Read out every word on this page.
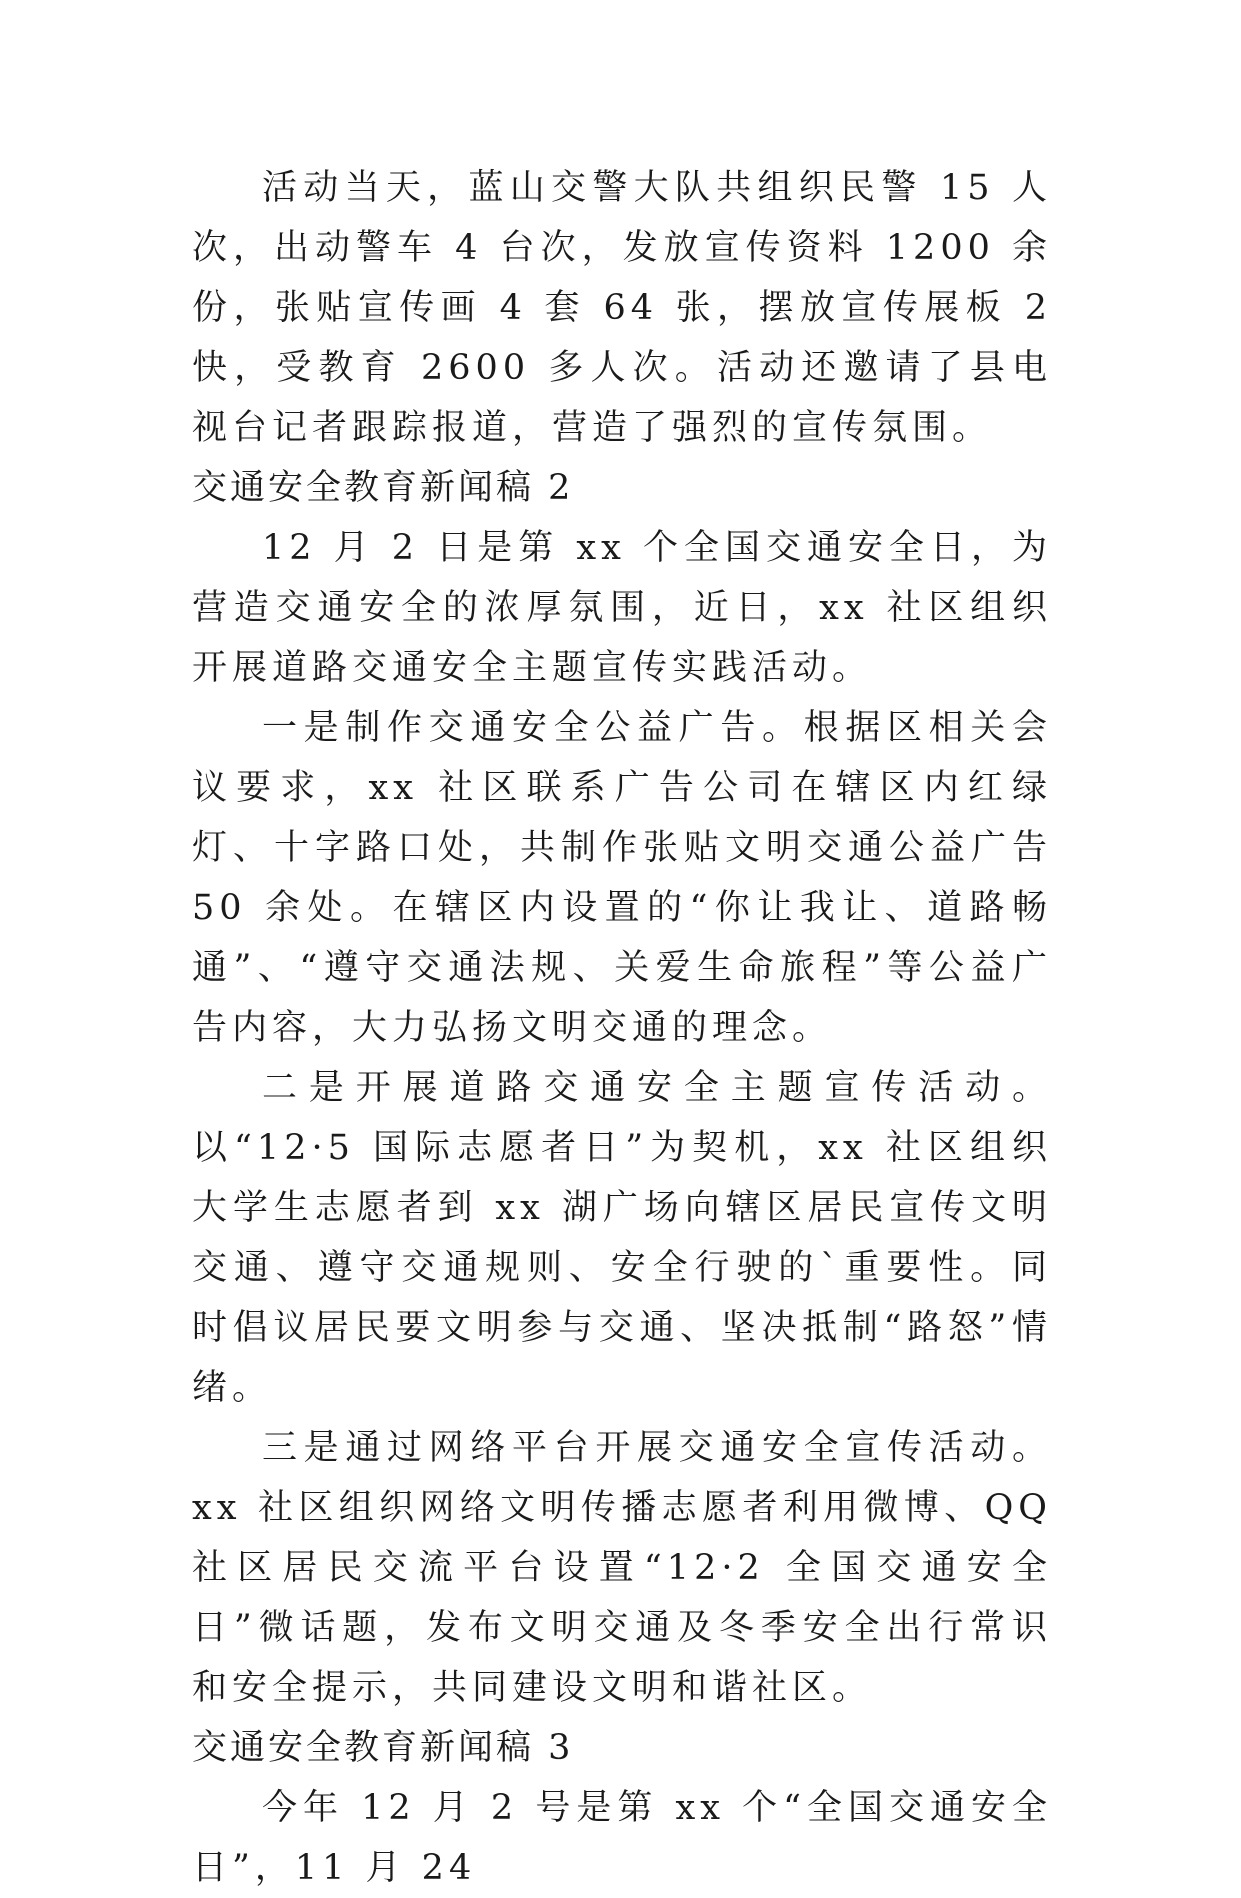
活动当天，蓝山交警大队共组织民警 15 人次，出动警车 4 台次，发放宣传资料 1200 余份，张贴宣传画 4 套 64 张，摆放宣传展板 2 快，受教育 2600 多人次。活动还邀请了县电视台记者跟踪报道，营造了强烈的宣传氛围。

交通安全教育新闻稿 2

12 月 2 日是第 xx 个全国交通安全日，为营造交通安全的浓厚氛围，近日，xx 社区组织开展道路交通安全主题宣传实践活动。

一是制作交通安全公益广告。根据区相关会议要求，xx 社区联系广告公司在辖区内红绿灯、十字路口处，共制作张贴文明交通公益广告 50 余处。在辖区内设置的“你让我让、道路畅通”、“遵守交通法规、关爱生命旅程”等公益广告内容，大力弘扬文明交通的理念。

二是开展道路交通安全主题宣传活动。以“12·5 国际志愿者日”为契机，xx 社区组织大学生志愿者到 xx 湖广场向辖区居民宣传文明交通、遵守交通规则、安全行驶的`重要性。同时倡议居民要文明参与交通、坚决抵制“路怒”情绪。

三是通过网络平台开展交通安全宣传活动。xx 社区组织网络文明传播志愿者利用微博、QQ 社区居民交流平台设置“12·2 全国交通安全日”微话题，发布文明交通及冬季安全出行常识和安全提示，共同建设文明和谐社区。

交通安全教育新闻稿 3

今年 12 月 2 号是第 xx 个“全国交通安全日”，11 月 24
